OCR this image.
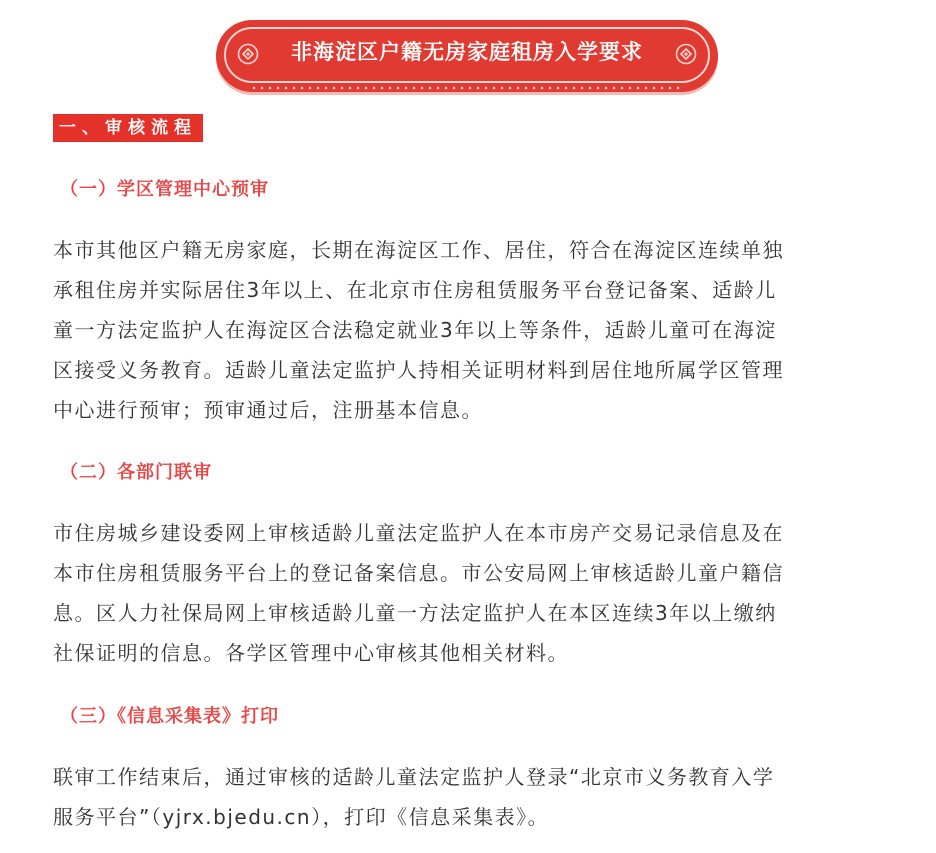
非海淀区户籍无房家庭租房入学要求
一、审核流程
（一）学区管理中心预审
本市其他区户籍无房家庭，长期在海淀区工作、居住，符合在海淀区连续单独
承租住房并实际居住3年以上、在北京市住房租赁服务平台登记备案、适龄儿
童一方法定监护人在海淀区合法稳定就业3年以上等条件，适龄儿童可在海淀
区接受义务教育。适龄儿童法定监护人持相关证明材料到居住地所属学区管理
中心进行预审；预审通过后，注册基本信息。
（二）各部门联审
市住房城乡建设委网上审核适龄儿童法定监护人在本市房产交易记录信息及在
本市住房租赁服务平台上的登记备案信息。市公安局网上审核适龄儿童户籍信
息。区人力社保局网上审核适龄儿童一方法定监护人在本区连续3年以上缴纳
社保证明的信息。各学区管理中心审核其他相关材料。
（三）《信息采集表》打印
联审工作结束后，通过审核的适龄儿童法定监护人登录“北京市义务教育入学
服务平台”（yjrx.bjedu.cn），打印《信息采集表》。
